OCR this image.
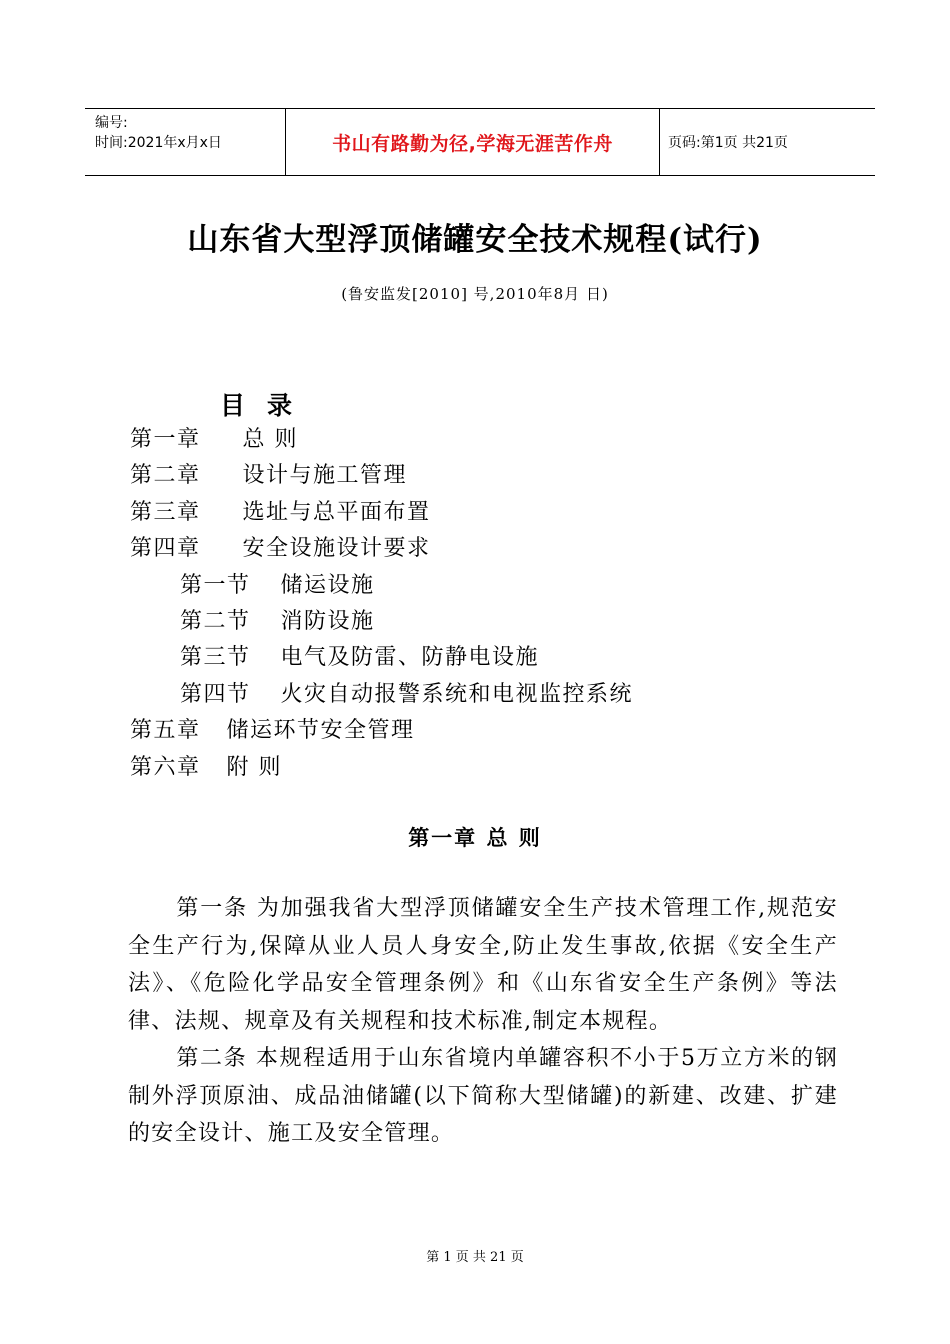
编号:
时间:2021年x月x日	书山有路勤为径,学海无涯苦作舟	页码:第1页 共21页
山东省大型浮顶储罐安全技术规程(试行)
(鲁安监发[2010] 号,2010年8月 日)
目录
第一章 总 则
第二章 设计与施工管理
第三章 选址与总平面布置
第四章 安全设施设计要求
第一节 储运设施
第二节 消防设施
第三节 电气及防雷、防静电设施
第四节 火灾自动报警系统和电视监控系统
第五章 储运环节安全管理
第六章 附 则
第一章 总 则

第一条 为加强我省大型浮顶储罐安全生产技术管理工作,规范安全生产行为,保障从业人员人身安全,防止发生事故,依据《安全生产法》、《危险化学品安全管理条例》和《山东省安全生产条例》等法律、法规、规章及有关规程和技术标准,制定本规程。

第二条 本规程适用于山东省境内单罐容积不小于5万立方米的钢制外浮顶原油、成品油储罐(以下简称大型储罐)的新建、改建、扩建的安全设计、施工及安全管理。

第 1 页 共 21 页
